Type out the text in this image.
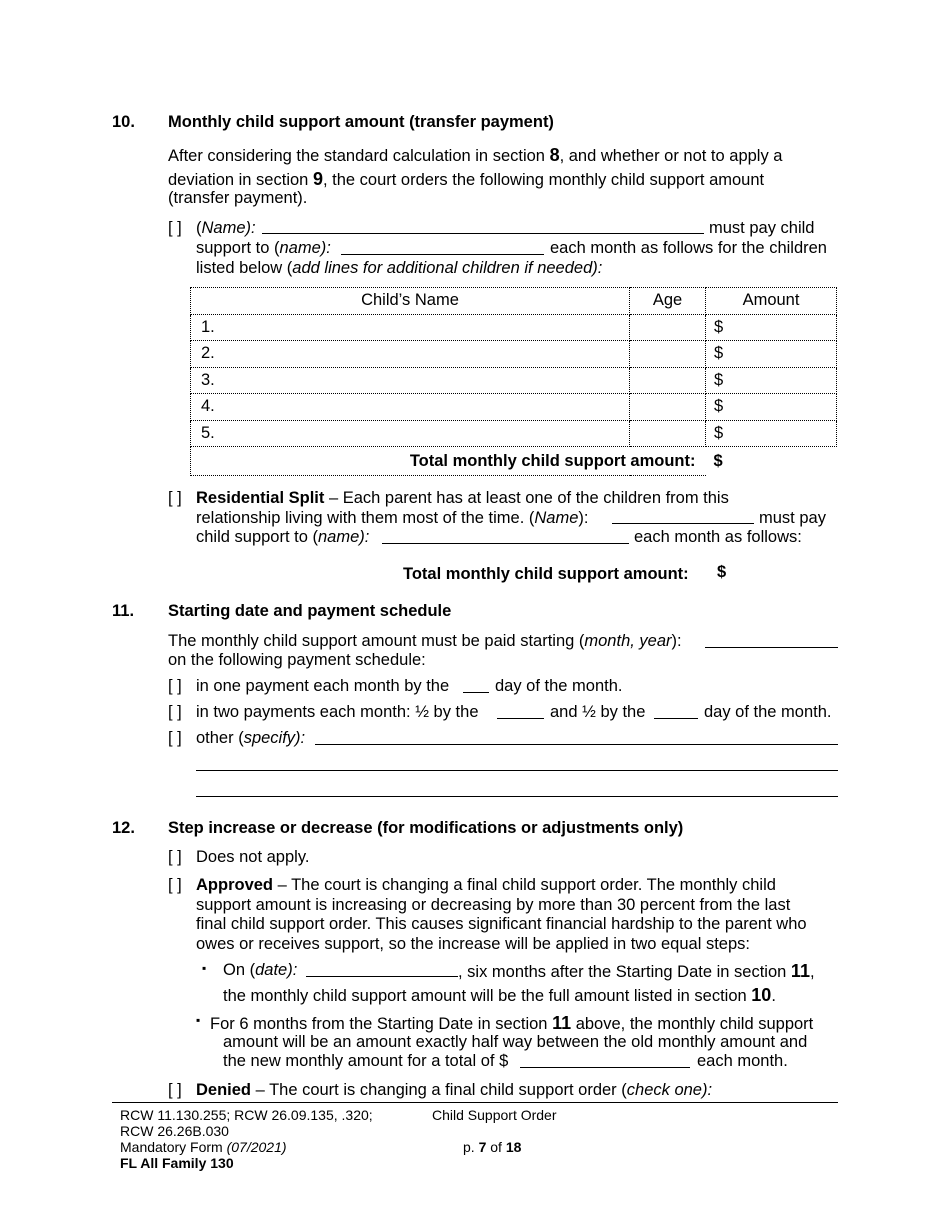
10. Monthly child support amount (transfer payment)
After considering the standard calculation in section 8, and whether or not to apply a
deviation in section 9, the court orders the following monthly child support amount
(transfer payment).
[ ] (Name):	must pay child
support to (name):	each month as follows for the children
listed below (add lines for additional children if needed):
Child’s Name	Age	Amount
1.		$
2.		$
3.		$
4.		$
5.		$
Total monthly child support amount:		$
[ ] Residential Split – Each parent has at least one of the children from this
relationship living with them most of the time. (Name):	must pay
child support to (name):	each month as follows:
Total monthly child support amount: $
11. Starting date and payment schedule
The monthly child support amount must be paid starting (month, year):
on the following payment schedule:
[ ] in one payment each month by the	day of the month.
[ ] in two payments each month: ½ by the	and ½ by the	day of the month.
[ ] other (specify):
12. Step increase or decrease (for modifications or adjustments only)
[ ] Does not apply.
[ ] Approved – The court is changing a final child support order. The monthly child
support amount is increasing or decreasing by more than 30 percent from the last
final child support order. This causes significant financial hardship to the parent who
owes or receives support, so the increase will be applied in two equal steps:
▪ On (date):	, six months after the Starting Date in section 11,
the monthly child support amount will be the full amount listed in section 10.
▪ For 6 months from the Starting Date in section 11 above, the monthly child support
amount will be an amount exactly half way between the old monthly amount and
the new monthly amount for a total of $	each month.
[ ] Denied – The court is changing a final child support order (check one):
RCW 11.130.255; RCW 26.09.135, .320;
RCW 26.26B.030
Mandatory Form (07/2021)
FL All Family 130
Child Support Order
p. 7 of 18
